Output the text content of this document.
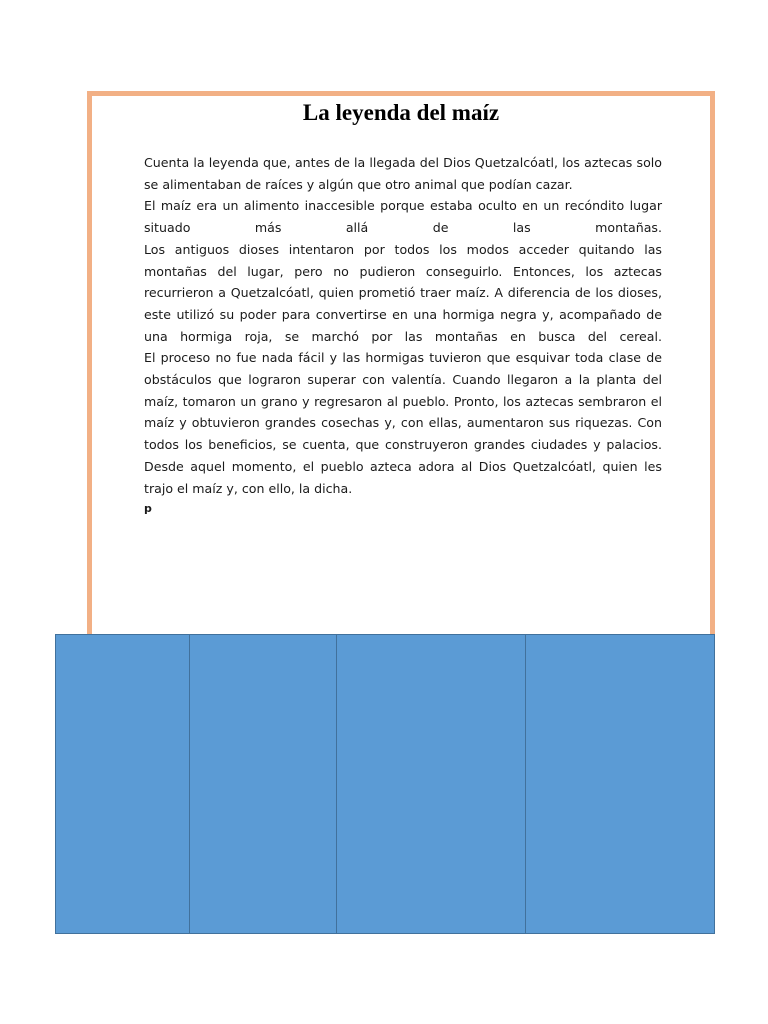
La leyenda del maíz

Cuenta la leyenda que, antes de la llegada del Dios Quetzalcóatl, los aztecas solo se alimentaban de raíces y algún que otro animal que podían cazar.

El maíz era un alimento inaccesible porque estaba oculto en un recóndito lugar situado más allá de las montañas.

Los antiguos dioses intentaron por todos los modos acceder quitando las montañas del lugar, pero no pudieron conseguirlo. Entonces, los aztecas recurrieron a Quetzalcóatl, quien prometió traer maíz. A diferencia de los dioses, este utilizó su poder para convertirse en una hormiga negra y, acompañado de una hormiga roja, se marchó por las montañas en busca del cereal.

El proceso no fue nada fácil y las hormigas tuvieron que esquivar toda clase de obstáculos que lograron superar con valentía. Cuando llegaron a la planta del maíz, tomaron un grano y regresaron al pueblo. Pronto, los aztecas sembraron el maíz y obtuvieron grandes cosechas y, con ellas, aumentaron sus riquezas. Con todos los beneficios, se cuenta, que construyeron grandes ciudades y palacios.

Desde aquel momento, el pueblo azteca adora al Dios Quetzalcóatl, quien les trajo el maíz y, con ello, la dicha.

p
